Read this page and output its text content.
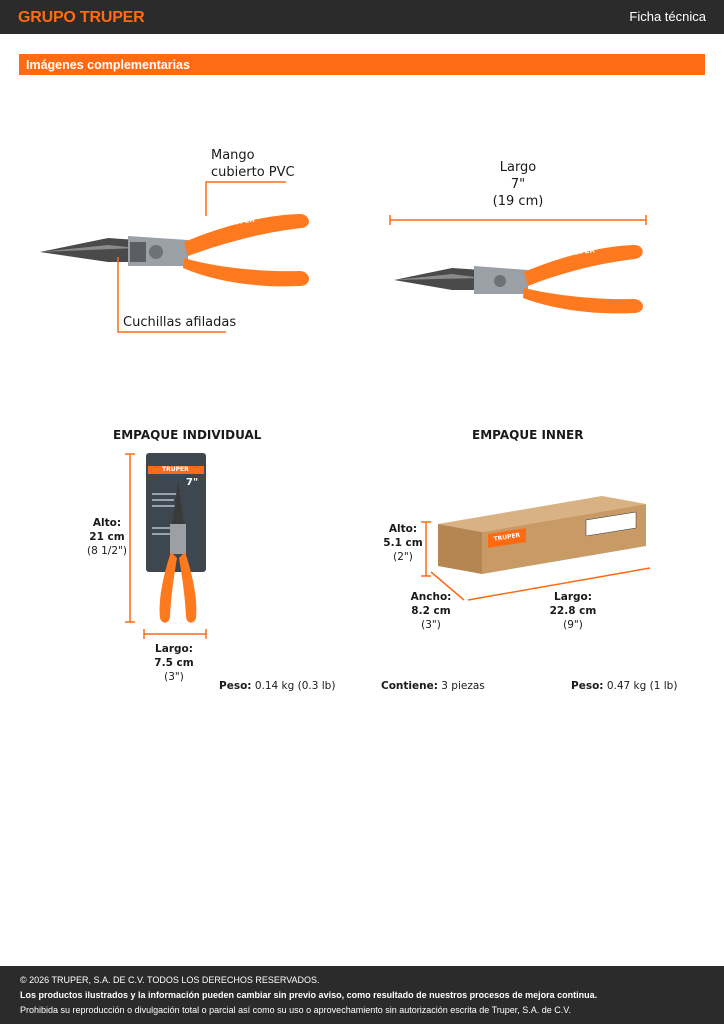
GRUPO TRUPER	Ficha técnica
Imágenes complementarias
TRUPER
Mango
cubierto PVC
Cuchillas afiladas
Largo
7"
(19 cm)
TRUPER
EMPAQUE INDIVIDUAL
TRUPER
7"
Alto:
21 cm
(8 1/2")
Largo:
7.5 cm
(3")
Peso: 0.14 kg (0.3 lb)
EMPAQUE INNER
TRUPER
Alto:
5.1 cm
(2")
Ancho:
8.2 cm
(3")
Largo:
22.8 cm
(9")
Contiene: 3 piezas	Peso: 0.47 kg (1 lb)
© 2026 TRUPER, S.A. DE C.V. TODOS LOS DERECHOS RESERVADOS.
Los productos ilustrados y la información pueden cambiar sin previo aviso, como resultado de nuestros procesos de mejora continua.
Prohibida su reproducción o divulgación total o parcial así como su uso o aprovechamiento sin autorización escrita de Truper, S.A. de C.V.
